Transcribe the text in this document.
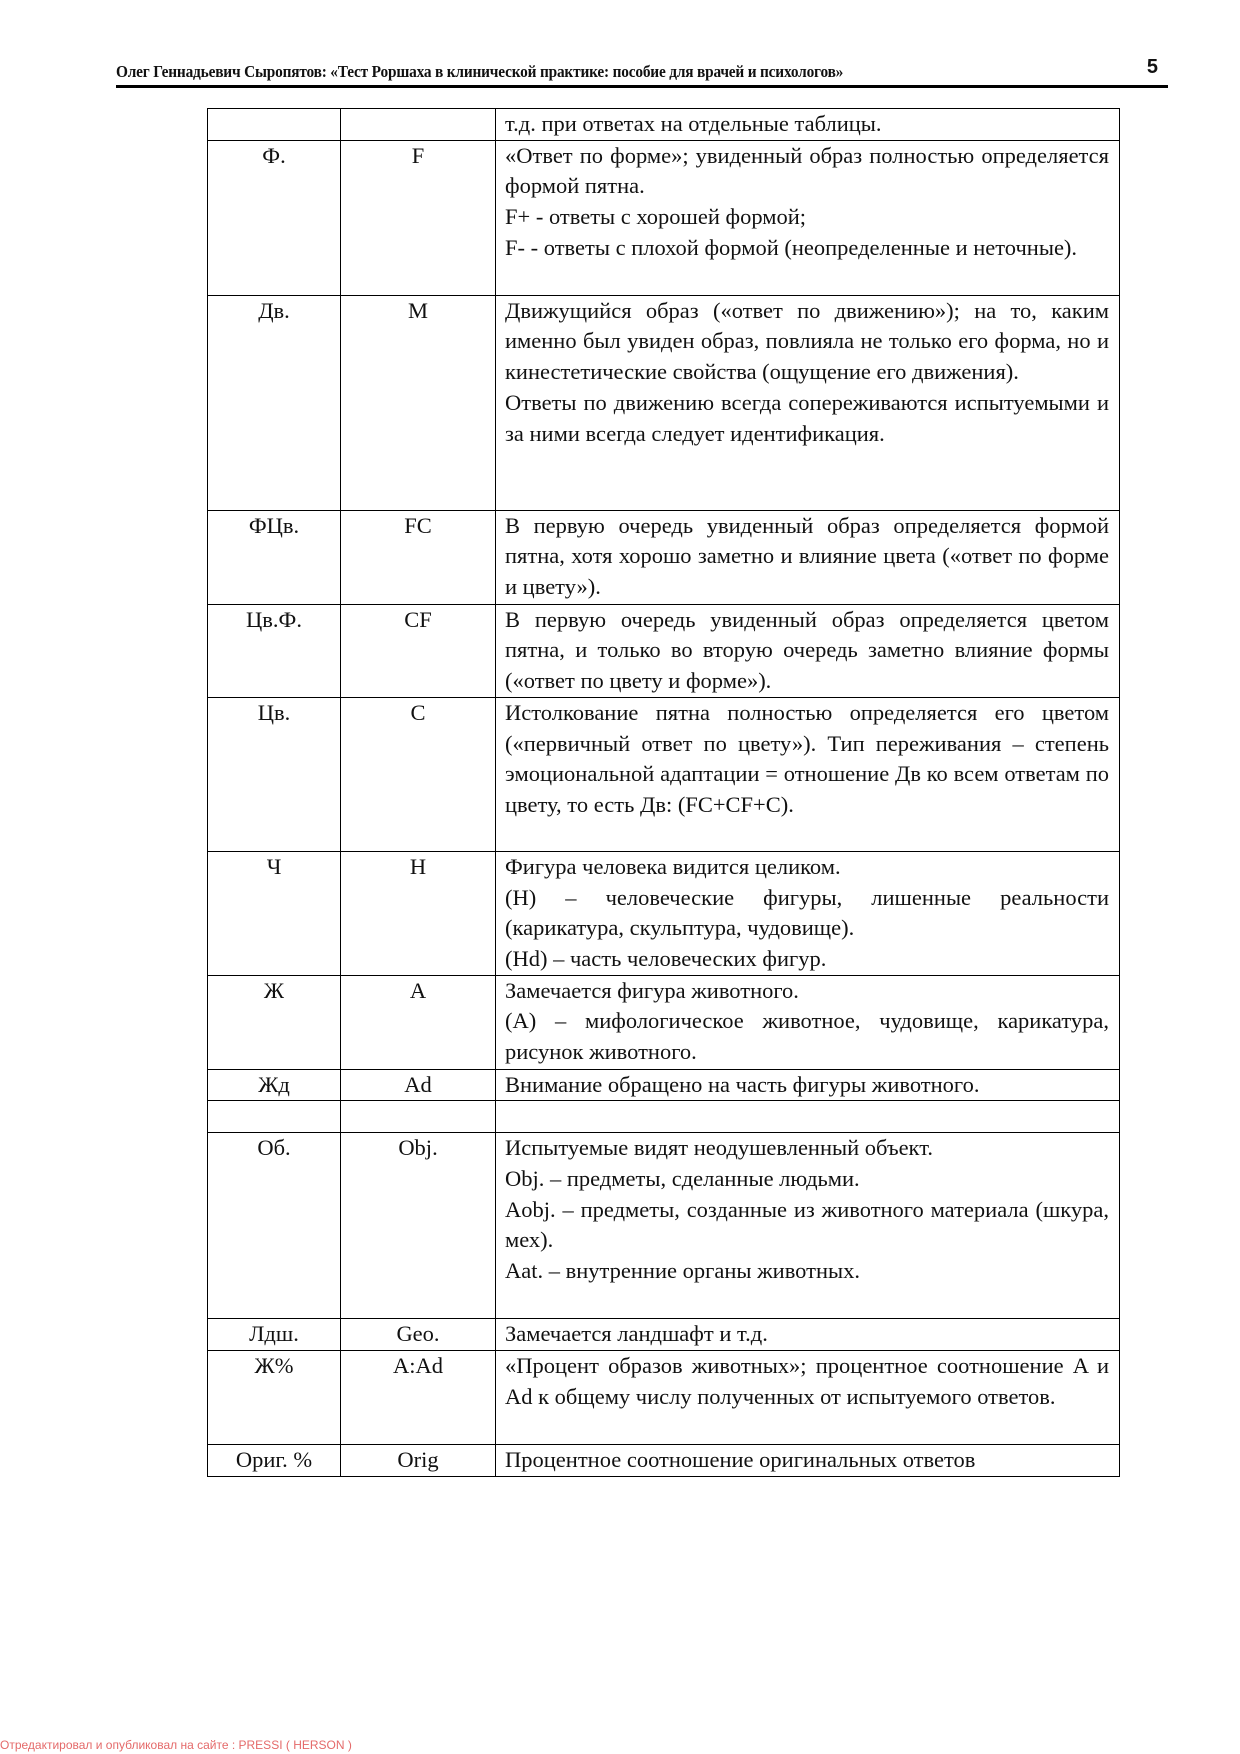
Олег Геннадьевич Сыропятов: «Тест Роршаха в клинической практике: пособие для врачей и психологов»	5

		т.д. при ответах на отдельные таблицы.

Ф.	F	«Ответ по форме»; увиденный образ полностью определяется формой пятна.
F+ - ответы с хорошей формой;
F- - ответы с плохой формой (неопределенные и неточные).

Дв.	M	Движущийся образ («ответ по движению»); на то, каким именно был увиден образ, повлияла не только его форма, но и кинестетические свойства (ощущение его движения).
Ответы по движению всегда сопереживаются испытуемыми и за ними всегда следует идентификация.

ФЦв.	FC	В первую очередь увиденный образ определяется формой пятна, хотя хорошо заметно и влияние цвета («ответ по форме и цвету»).

Цв.Ф.	CF	В первую очередь увиденный образ определяется цветом пятна, и только во вторую очередь заметно влияние формы («ответ по цвету и форме»).

Цв.	C	Истолкование пятна полностью определяется его цветом («первичный ответ по цвету»). Тип переживания – степень эмоциональной адаптации = отношение Дв ко всем ответам по цвету, то есть Дв: (FC+CF+C).

Ч	H	Фигура человека видится целиком.
(H) – человеческие фигуры, лишенные реальности (карикатура, скульптура, чудовище).
(Hd) – часть человеческих фигур.

Ж	A	Замечается фигура животного.
(A) – мифологическое животное, чудовище, карикатура, рисунок животного.

Жд	Ad	Внимание обращено на часть фигуры животного.

Об.	Obj.	Испытуемые видят неодушевленный объект.
Obj. – предметы, сделанные людьми.
Aobj. – предметы, созданные из животного материала (шкура, мех).
Aat. – внутренние органы животных.

Лдш.	Geo.	Замечается ландшафт и т.д.

Ж%	A:Ad	«Процент образов животных»; процентное соотношение A и Ad к общему числу полученных от испытуемого ответов.

Ориг. %	Orig	Процентное соотношение оригинальных ответов
Отредактировал и опубликовал на сайте : PRESSI ( HERSON )
